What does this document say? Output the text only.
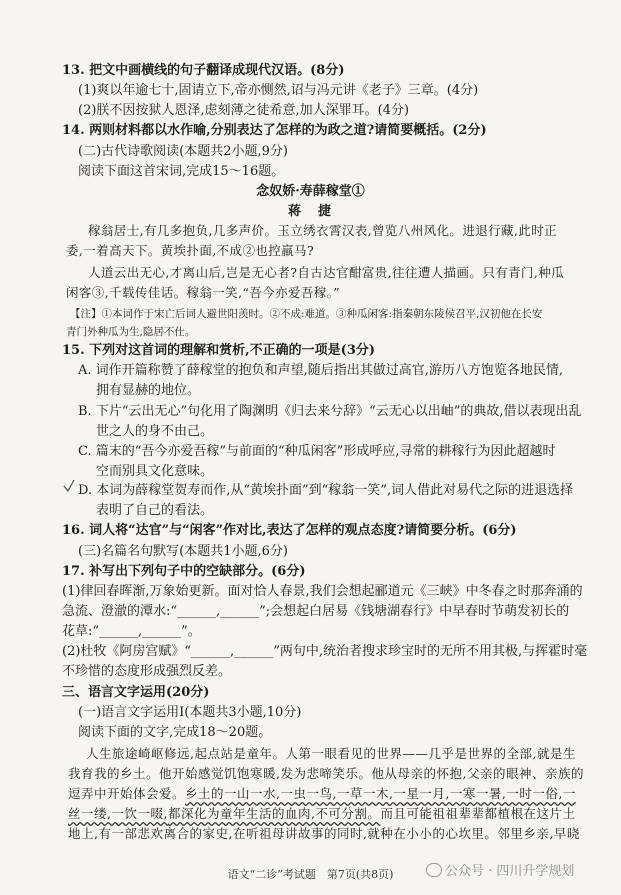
13. 把文中画横线的句子翻译成现代汉语。(8分)
(1)爽以年逾七十,固请立下,帝亦恻然,诏与冯元讲《老子》三章。(4分)
(2)朕不因按狱人恩泽,虑刻薄之徒希意,加人深罪耳。(4分)
14. 两则材料都以水作喻,分别表达了怎样的为政之道?请简要概括。(2分)
(二)古代诗歌阅读(本题共2小题,9分)
阅读下面这首宋词,完成15～16题。
念奴娇·寿薛稼堂①
蒋　捷
稼翁居士,有几多抱负,几多声价。玉立绣衣霄汉表,曾览八州风化。进退行藏,此时正
委,一着高天下。黄埃扑面,不成②也控羸马?
人道云出无心,才离山后,岂是无心者?自古达官酣富贵,往往遭人描画。只有青门,种瓜
闲客③,千载传佳话。稼翁一笑,“吾今亦爱吾稼。”
【注】①本词作于宋亡后词人避世阳羡时。②不成:难道。③种瓜闲客:指秦朝东陵侯召平,汉初他在长安
青门外种瓜为生,隐居不仕。
15. 下列对这首词的理解和赏析,不正确的一项是(3分)
A. 词作开篇称赞了薛稼堂的抱负和声望,随后指出其做过高官,游历八方饱览各地民情,
拥有显赫的地位。
B. 下片“云出无心”句化用了陶渊明《归去来兮辞》“云无心以出岫”的典故,借以表现出乱
世之人的身不由己。
C. 篇末的“吾今亦爱吾稼”与前面的“种瓜闲客”形成呼应,寻常的耕稼行为因此超越时
空而别具文化意味。
D. 本词为薛稼堂贺寿而作,从“黄埃扑面”到“稼翁一笑”,词人借此对易代之际的进退选择
表明了自己的看法。
16. 词人将“达官”与“闲客”作对比,表达了怎样的观点态度?请简要分析。(6分)
(三)名篇名句默写(本题共1小题,6分)
17. 补写出下列句子中的空缺部分。(6分)
(1)律回春晖渐,万象始更新。面对恰人春景,我们会想起郦道元《三峡》中冬春之时那奔涌的
急流、澄澈的潭水:“______,______”;会想起白居易《钱塘湖春行》中早春时节萌发初长的
花草:“______,______”。
(2)杜牧《阿房宫赋》“______,______”两句中,统治者搜求珍宝时的无所不用其极,与挥霍时毫
不珍惜的态度形成强烈反差。
三、语言文字运用(20分)
(一)语言文字运用Ⅰ(本题共3小题,10分)
阅读下面的文字,完成18～20题。
人生旅途崎岖修远,起点站是童年。人第一眼看见的世界——几乎是世界的全部,就是生
我育我的乡土。他开始感觉饥饱寒暖,发为悲啼笑乐。他从母亲的怀抱,父亲的眼神、亲族的
逗弄中开始体会爱。乡土的一山一水,一虫一鸟,一草一木,一星一月,一寒一暑,一时一俗,一
丝一缕,一饮一啜,都深化为童年生活的血肉,不可分割。而且可能祖祖辈辈都植根在这片土
地上,有一部悲欢离合的家史,在听祖母讲故事的同时,就种在小小的心坎里。邻里乡亲,早晓
语文“二诊”考试题　第7页(共8页)	公众号 · 四川升学规划
